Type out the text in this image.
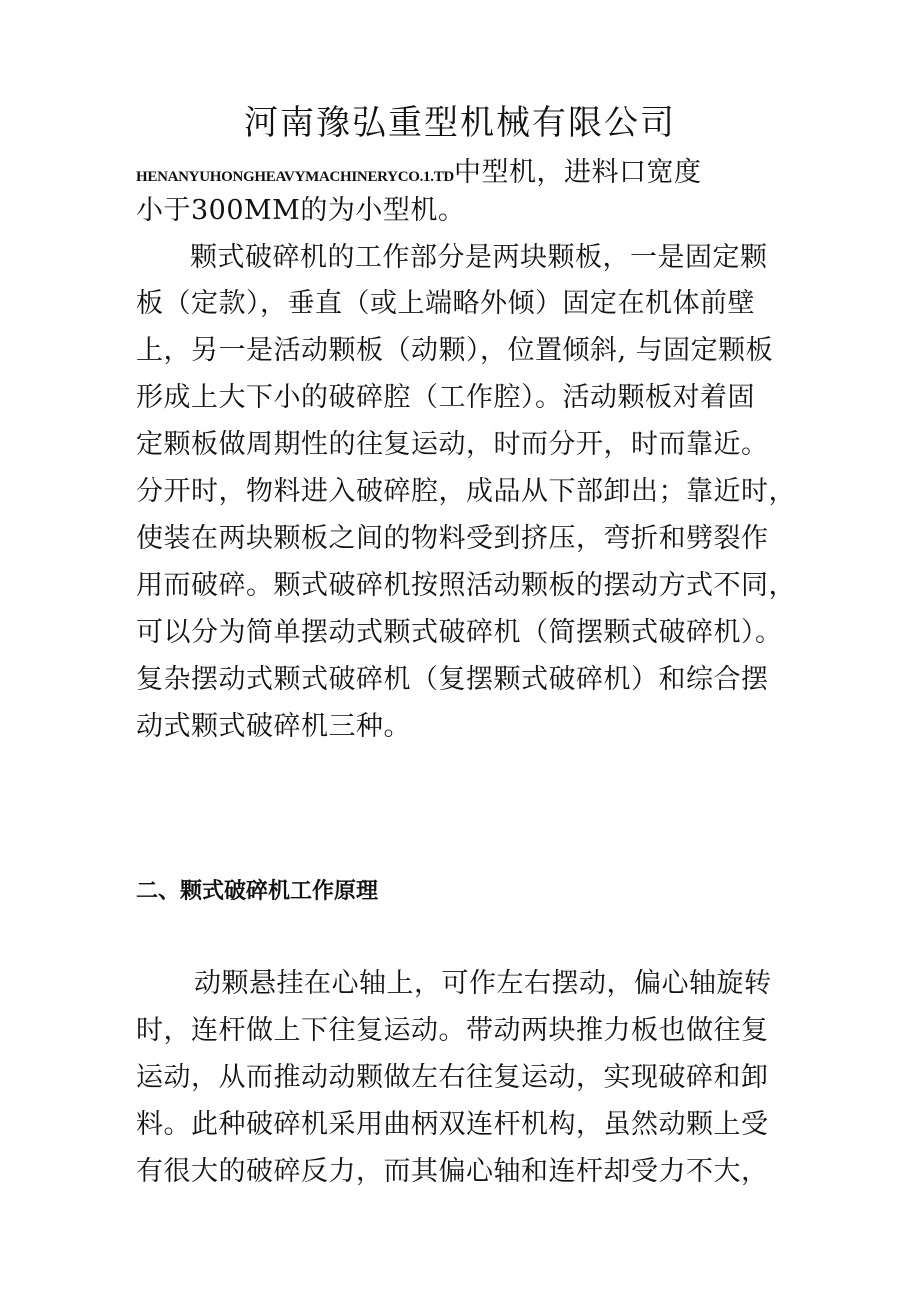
河南豫弘重型机械有限公司
HENANYUHONGHEAVYMACHINERYCO.1.TD中型机，进料口宽度
小于300MM的为小型机。
颗式破碎机的工作部分是两块颗板，一是固定颗
板（定款），垂直（或上端略外倾）固定在机体前壁
上，另一是活动颗板（动颗），位置倾斜, 与固定颗板
形成上大下小的破碎腔（工作腔）。活动颗板对着固
定颗板做周期性的往复运动，时而分开，时而靠近。
分开时，物料进入破碎腔，成品从下部卸出；靠近时，
使装在两块颗板之间的物料受到挤压，弯折和劈裂作
用而破碎。颗式破碎机按照活动颗板的摆动方式不同，
可以分为简单摆动式颗式破碎机（简摆颗式破碎机）。
复杂摆动式颗式破碎机（复摆颗式破碎机）和综合摆
动式颗式破碎机三种。
二、颗式破碎机工作原理
动颗悬挂在心轴上，可作左右摆动，偏心轴旋转
时，连杆做上下往复运动。带动两块推力板也做往复
运动，从而推动动颗做左右往复运动，实现破碎和卸
料。此种破碎机采用曲柄双连杆机构，虽然动颗上受
有很大的破碎反力，而其偏心轴和连杆却受力不大，
